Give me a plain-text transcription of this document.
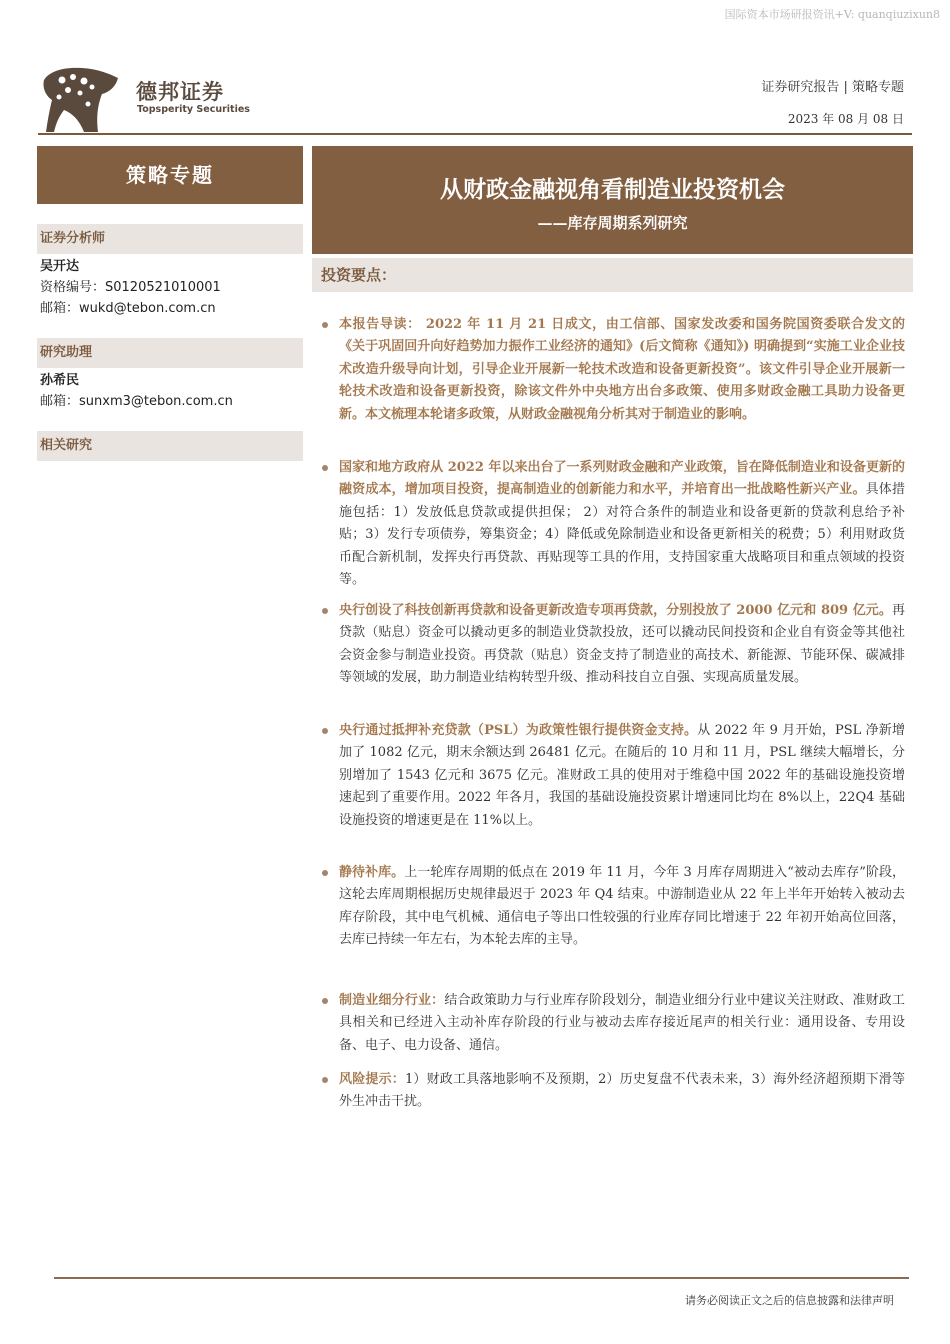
国际资本市场研报资讯+V: quanqiuzixun8
德邦证券
Topsperity Securities
证券研究报告 | 策略专题
2023 年 08 月 08 日
策略专题
从财政金融视角看制造业投资机会
——库存周期系列研究
证券分析师
吴开达
资格编号：S0120521010001
邮箱：wukd@tebon.com.cn
研究助理
孙希民
邮箱：sunxm3@tebon.com.cn
相关研究
投资要点：
本报告导读： 2022 年 11 月 21 日成文，由工信部、国家发改委和国务院国资委联合发文的《关于巩固回升向好趋势加力振作工业经济的通知》(后文简称《通知》) 明确提到“实施工业企业技术改造升级导向计划，引导企业开展新一轮技术改造和设备更新投资”。该文件引导企业开展新一轮技术改造和设备更新投资，除该文件外中央地方出台多政策、使用多财政金融工具助力设备更新。本文梳理本轮诸多政策，从财政金融视角分析其对于制造业的影响。
国家和地方政府从 2022 年以来出台了一系列财政金融和产业政策，旨在降低制造业和设备更新的融资成本，增加项目投资，提高制造业的创新能力和水平，并培育出一批战略性新兴产业。具体措施包括：1）发放低息贷款或提供担保； 2）对符合条件的制造业和设备更新的贷款利息给予补贴；3）发行专项债券，筹集资金；4）降低或免除制造业和设备更新相关的税费；5）利用财政货币配合新机制，发挥央行再贷款、再贴现等工具的作用，支持国家重大战略项目和重点领域的投资等。
央行创设了科技创新再贷款和设备更新改造专项再贷款，分别投放了 2000 亿元和 809 亿元。再贷款（贴息）资金可以撬动更多的制造业贷款投放，还可以撬动民间投资和企业自有资金等其他社会资金参与制造业投资。再贷款（贴息）资金支持了制造业的高技术、新能源、节能环保、碳减排等领域的发展，助力制造业结构转型升级、推动科技自立自强、实现高质量发展。
央行通过抵押补充贷款（PSL）为政策性银行提供资金支持。从 2022 年 9 月开始，PSL 净新增加了 1082 亿元，期末余额达到 26481 亿元。在随后的 10 月和 11 月，PSL 继续大幅增长，分别增加了 1543 亿元和 3675 亿元。准财政工具的使用对于维稳中国 2022 年的基础设施投资增速起到了重要作用。2022 年各月，我国的基础设施投资累计增速同比均在 8%以上，22Q4 基础设施投资的增速更是在 11%以上。
静待补库。上一轮库存周期的低点在 2019 年 11 月，今年 3 月库存周期进入“被动去库存”阶段，这轮去库周期根据历史规律最迟于 2023 年 Q4 结束。中游制造业从 22 年上半年开始转入被动去库存阶段，其中电气机械、通信电子等出口性较强的行业库存同比增速于 22 年初开始高位回落，去库已持续一年左右，为本轮去库的主导。
制造业细分行业：结合政策助力与行业库存阶段划分，制造业细分行业中建议关注财政、准财政工具相关和已经进入主动补库存阶段的行业与被动去库存接近尾声的相关行业：通用设备、专用设备、电子、电力设备、通信。
风险提示：1）财政工具落地影响不及预期，2）历史复盘不代表未来，3）海外经济超预期下滑等外生冲击干扰。
请务必阅读正文之后的信息披露和法律声明
